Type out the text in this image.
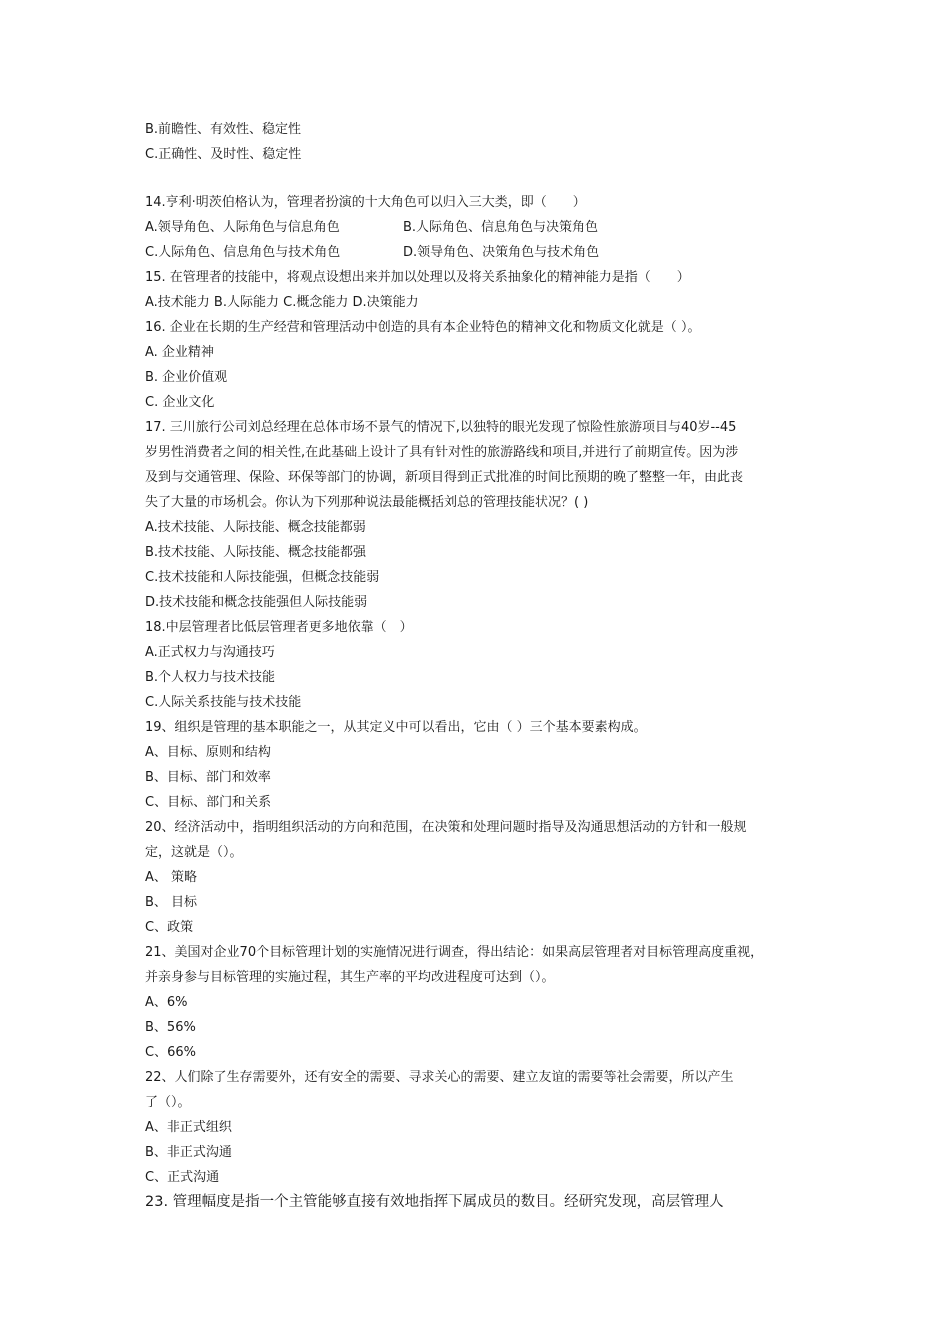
B.前瞻性、有效性、稳定性
C.正确性、及时性、稳定性
14.亨利·明茨伯格认为，管理者扮演的十大角色可以归入三大类，即（　　）
A.领导角色、人际角色与信息角色	B.人际角色、信息角色与决策角色
C.人际角色、信息角色与技术角色	D.领导角色、决策角色与技术角色
15. 在管理者的技能中，将观点设想出来并加以处理以及将关系抽象化的精神能力是指（　　）
A.技术能力 B.人际能力 C.概念能力 D.决策能力
16. 企业在长期的生产经营和管理活动中创造的具有本企业特色的精神文化和物质文化就是（ ）。
A. 企业精神
B. 企业价值观
C. 企业文化
17. 三川旅行公司刘总经理在总体市场不景气的情况下,以独特的眼光发现了惊险性旅游项目与40岁--45
岁男性消费者之间的相关性,在此基础上设计了具有针对性的旅游路线和项目,并进行了前期宣传。因为涉
及到与交通管理、保险、环保等部门的协调，新项目得到正式批准的时间比预期的晚了整整一年，由此丧
失了大量的市场机会。你认为下列那种说法最能概括刘总的管理技能状况？( )
A.技术技能、人际技能、概念技能都弱
B.技术技能、人际技能、概念技能都强
C.技术技能和人际技能强，但概念技能弱
D.技术技能和概念技能强但人际技能弱
18.中层管理者比低层管理者更多地依靠（　）
A.正式权力与沟通技巧
B.个人权力与技术技能
C.人际关系技能与技术技能
19、组织是管理的基本职能之一，从其定义中可以看出，它由（ ）三个基本要素构成。
A、目标、原则和结构
B、目标、部门和效率
C、目标、部门和关系
20、经济活动中，指明组织活动的方向和范围，在决策和处理问题时指导及沟通思想活动的方针和一般规
定，这就是（）。
A、 策略
B、 目标
C、政策
21、美国对企业70个目标管理计划的实施情况进行调查，得出结论：如果高层管理者对目标管理高度重视，
并亲身参与目标管理的实施过程，其生产率的平均改进程度可达到（）。
A、6%
B、56%
C、66%
22、人们除了生存需要外，还有安全的需要、寻求关心的需要、建立友谊的需要等社会需要，所以产生
了（）。
A、非正式组织
B、非正式沟通
C、正式沟通
23. 管理幅度是指一个主管能够直接有效地指挥下属成员的数目。经研究发现，高层管理人
